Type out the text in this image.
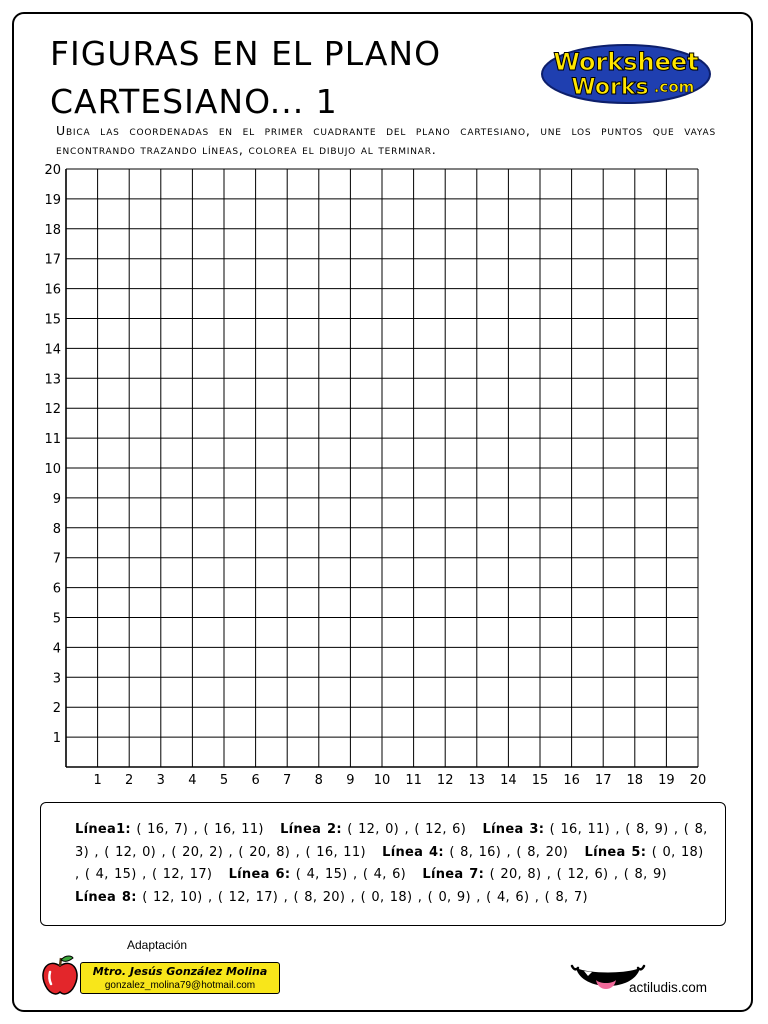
FIGURAS EN EL PLANO
CARTESIANO... 1
Worksheet
Works .com

Ubica las coordenadas en el primer cuadrante del plano cartesiano, une los puntos que vayas encontrando trazando líneas, colorea el dibujo al terminar.

1 2 3 4 5 6 7 8 9 10 11 12 13 14 15 16 17 18 19 20
1
2
3
4
5
6
7
8
9
10
11
12
13
14
15
16
17
18
19
20
Línea1: ( 16, 7) , ( 16, 11) Línea 2: ( 12, 0) , ( 12, 6) Línea 3: ( 16, 11) , ( 8, 9) , ( 8, 3) , ( 12, 0) , ( 20, 2) , ( 20, 8) , ( 16, 11) Línea 4: ( 8, 16) , ( 8, 20) Línea 5: ( 0, 18) , ( 4, 15) , ( 12, 17) Línea 6: ( 4, 15) , ( 4, 6) Línea 7: ( 20, 8) , ( 12, 6) , ( 8, 9)   Línea 8: ( 12, 10) , ( 12, 17) , ( 8, 20) , ( 0, 18) , ( 0, 9) , ( 4, 6) , ( 8, 7)
Adaptación
Mtro. Jesús González Molina
gonzalez_molina79@hotmail.com	actiludis.com
